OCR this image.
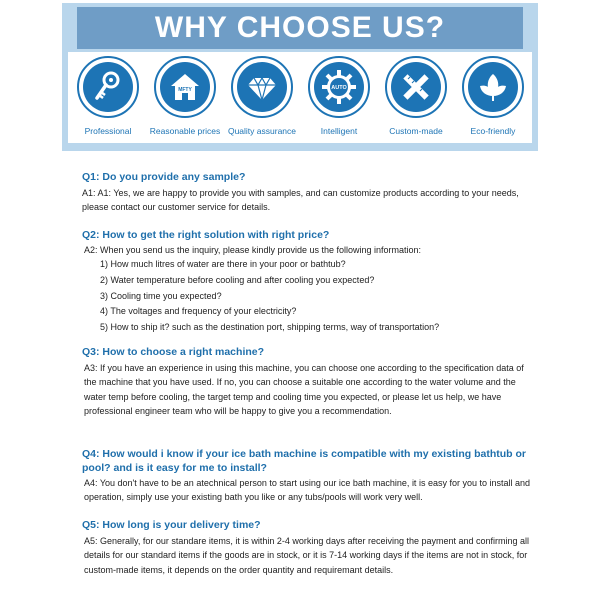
WHY CHOOSE US?
Professional
MFTY
Reasonable prices Quality assurance
AUTO
Intelligent	Custom-made	Eco-friendly

Q1: Do you provide any sample?

A1: A1: Yes, we are happy to provide you with samples, and can customize products according to your needs, please contact our customer service for details.

Q2: How to get the right solution with right price?

A2: When you send us the inquiry, please kindly provide us the following information:

1) How much litres of water are there in your poor or bathtub?
2) Water temperature before cooling and after cooling you expected?
3) Cooling time you expected?
4) The voltages and frequency of your electricity?
5) How to ship it? such as the destination port, shipping terms, way of transportation?

Q3: How to choose a right machine?

A3: If you have an experience in using this machine, you can choose one according to the specification data of the machine that you have used. If no, you can choose a suitable one according to the water volume and the water temp before cooling, the target temp and cooling time you expected, or please let us help, we have professional engineer team who will be happy to give you a recommendation.

Q4: How would i know if your ice bath machine is compatible with my existing bathtub or pool? and is it easy for me to install?

A4: You don't have to be an atechnical person to start using our ice bath machine, it is easy for you to install and operation, simply use your existing bath you like or any tubs/pools will work very well.

Q5: How long is your delivery time?

A5: Generally, for our standare items, it is within 2-4 working days after receiving the payment and confirming all details for our standard items if the goods are in stock, or it is 7-14 working days if the items are not in stock, for custom-made items, it depends on the order quantity and requiremant details.
